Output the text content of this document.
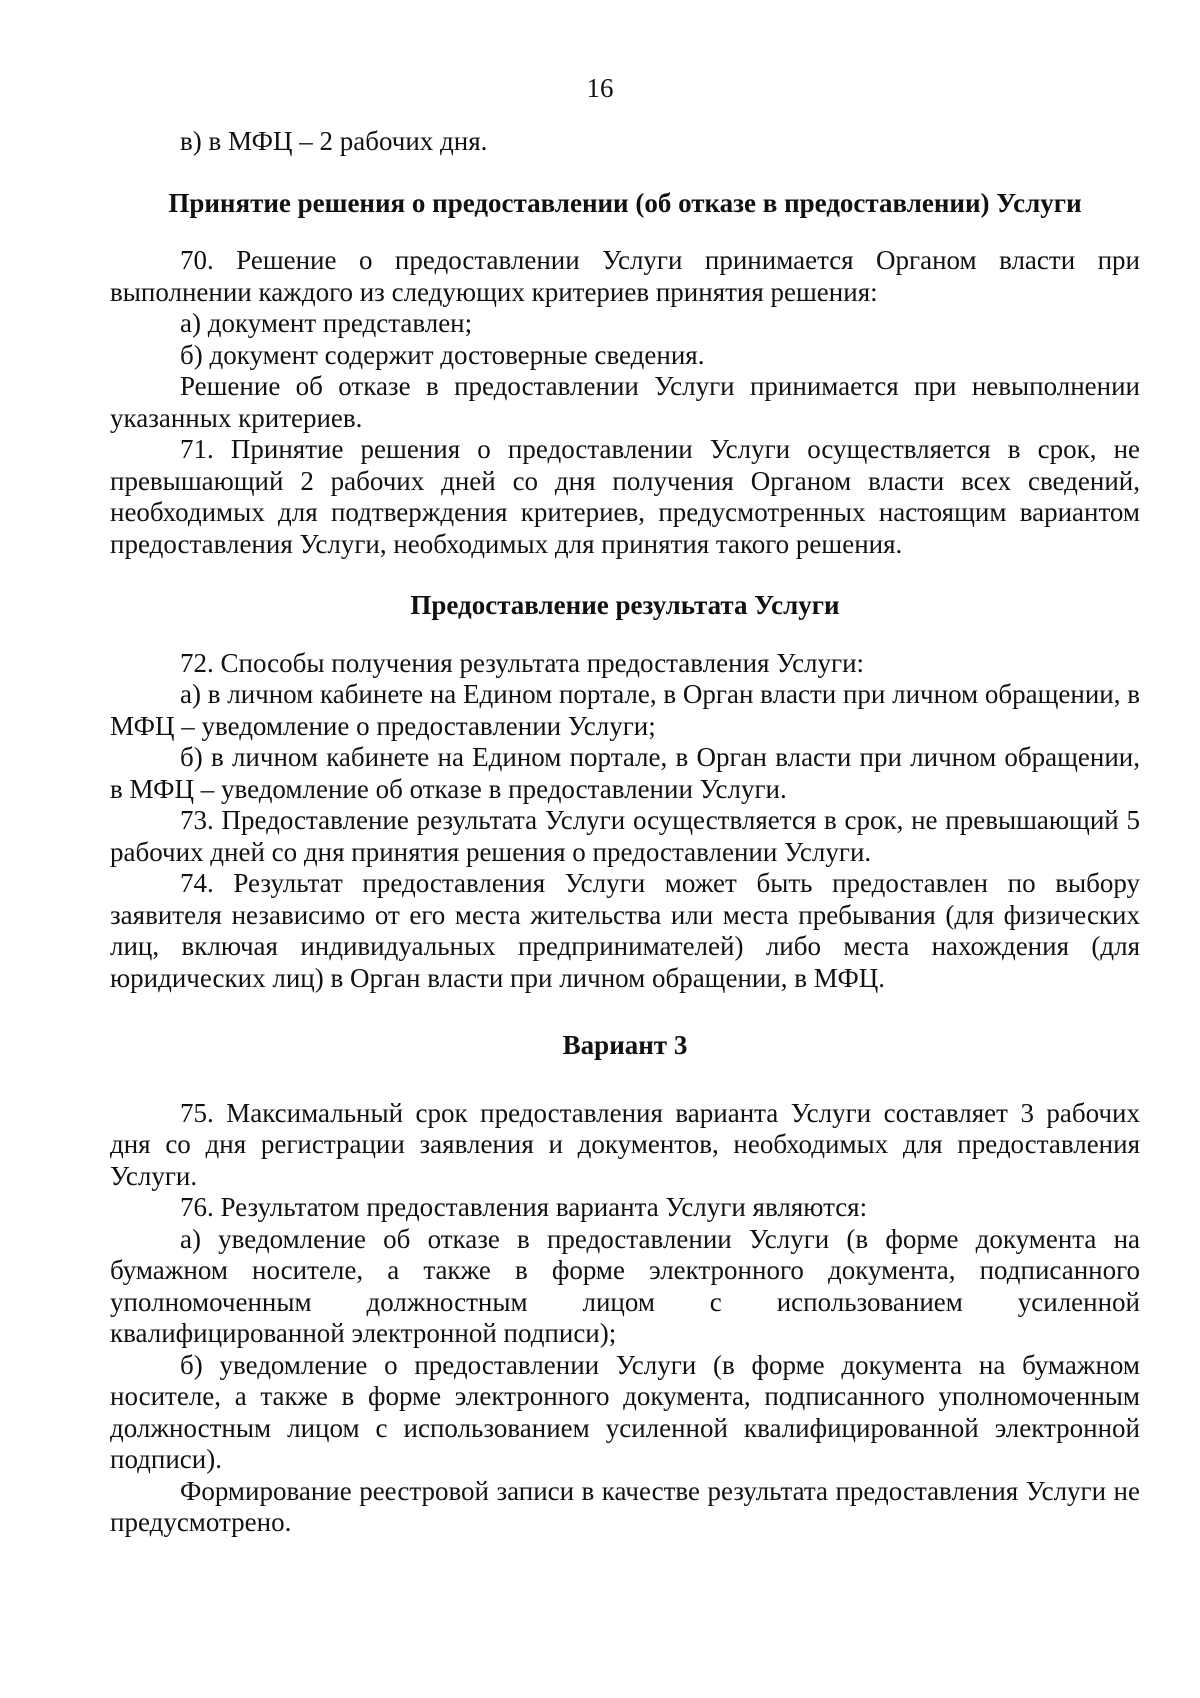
16

в) в МФЦ – 2 рабочих дня.

Принятие решения о предоставлении (об отказе в предоставлении) Услуги

70. Решение о предоставлении Услуги принимается Органом власти при выполнении каждого из следующих критериев принятия решения:

а) документ представлен;

б) документ содержит достоверные сведения.

Решение об отказе в предоставлении Услуги принимается при невыполнении указанных критериев.

71. Принятие решения о предоставлении Услуги осуществляется в срок, не превышающий 2 рабочих дней со дня получения Органом власти всех сведений, необходимых для подтверждения критериев, предусмотренных настоящим вариантом предоставления Услуги, необходимых для принятия такого решения.

Предоставление результата Услуги

72. Способы получения результата предоставления Услуги:

а) в личном кабинете на Едином портале, в Орган власти при личном обращении, в МФЦ – уведомление о предоставлении Услуги;

б) в личном кабинете на Едином портале, в Орган власти при личном обращении, в МФЦ – уведомление об отказе в предоставлении Услуги.

73. Предоставление результата Услуги осуществляется в срок, не превышающий 5 рабочих дней со дня принятия решения о предоставлении Услуги.

74. Результат предоставления Услуги может быть предоставлен по выбору заявителя независимо от его места жительства или места пребывания (для физических лиц, включая индивидуальных предпринимателей) либо места нахождения (для юридических лиц) в Орган власти при личном обращении, в МФЦ.

Вариант 3

75. Максимальный срок предоставления варианта Услуги составляет 3 рабочих дня со дня регистрации заявления и документов, необходимых для предоставления Услуги.

76. Результатом предоставления варианта Услуги являются:

а) уведомление об отказе в предоставлении Услуги (в форме документа на бумажном носителе, а также в форме электронного документа, подписанного уполномоченным должностным лицом с использованием усиленной квалифицированной электронной подписи);

б) уведомление о предоставлении Услуги (в форме документа на бумажном носителе, а также в форме электронного документа, подписанного уполномоченным должностным лицом с использованием усиленной квалифицированной электронной подписи).

Формирование реестровой записи в качестве результата предоставления Услуги не предусмотрено.
